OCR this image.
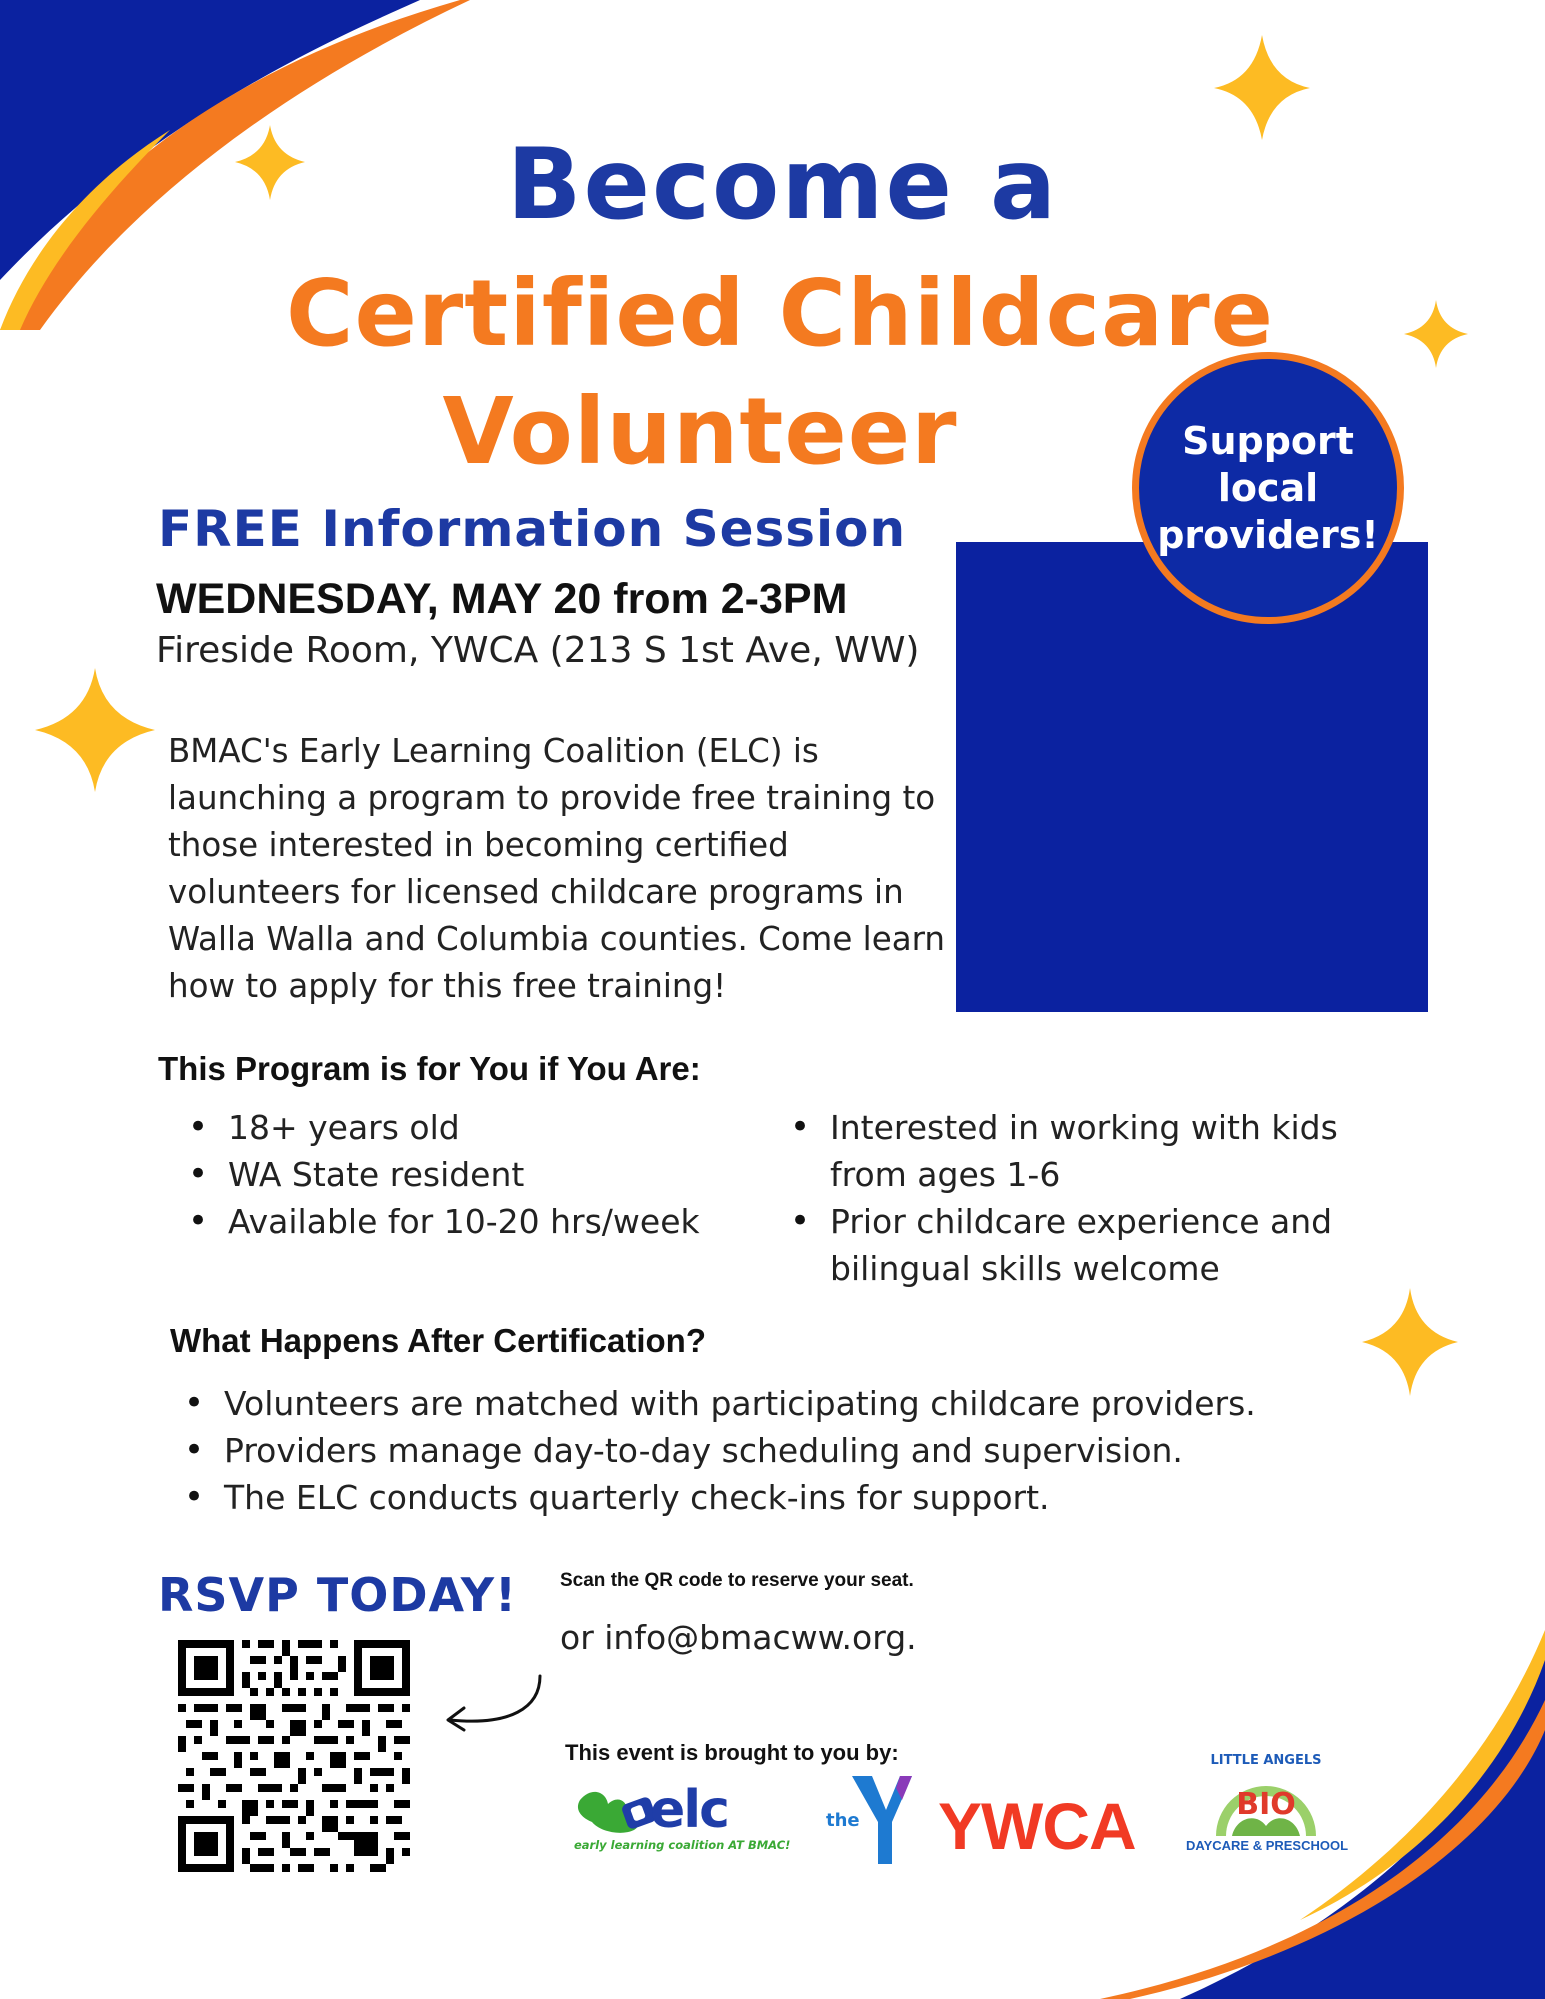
Become a
Certified Childcare
Volunteer	Support local providers!
FREE Information Session
WEDNESDAY, MAY 20 from 2-3PM
Fireside Room, YWCA (213 S 1st Ave, WW)
BMAC's Early Learning Coalition (ELC) is launching a program to provide free training to those interested in becoming certified volunteers for licensed childcare programs in Walla Walla and Columbia counties. Come learn how to apply for this free training!
This Program is for You if You Are:
• 18+ years old
• WA State resident
• Available for 10-20 hrs/week
• Interested in working with kids from ages 1-6
• Prior childcare experience and bilingual skills welcome
What Happens After Certification?
• Volunteers are matched with participating childcare providers.
• Providers manage day-to-day scheduling and supervision.
• The ELC conducts quarterly check-ins for support.
RSVP TODAY! Scan the QR code to reserve your seat.
or info@bmacww.org.
This event is brought to you by:
elc
early learning coalition AT BMAC!
the YWCA	BIO
LITTLE ANGELS
DAYCARE & PRESCHOOL
